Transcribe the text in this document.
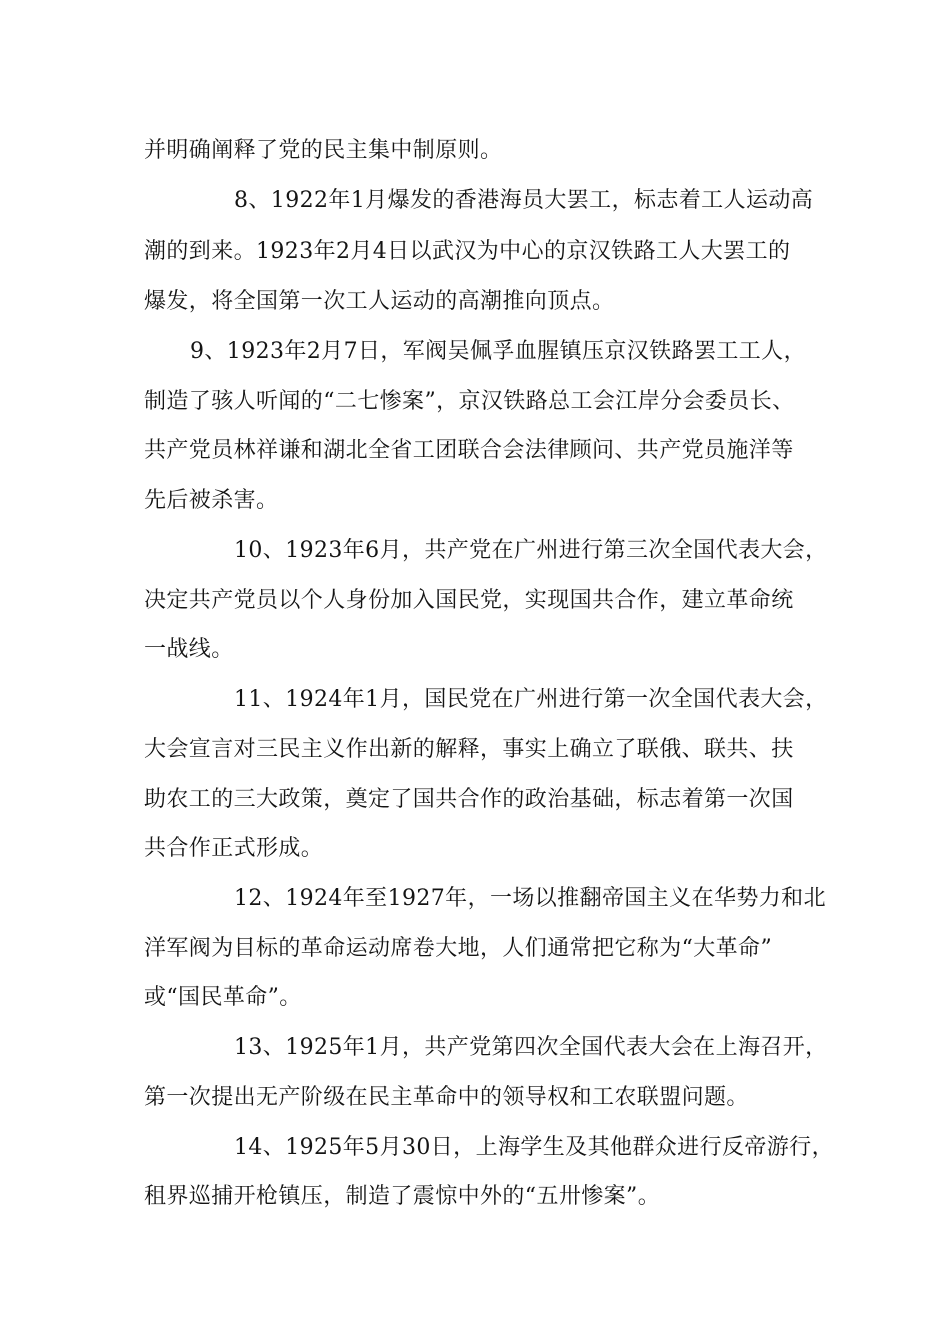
并明确阐释了党的民主集中制原则。
8、1922年1月爆发的香港海员大罢工，标志着工人运动高
潮的到来。1923年2月4日以武汉为中心的京汉铁路工人大罢工的
爆发，将全国第一次工人运动的高潮推向顶点。
9、1923年2月7日，军阀吴佩孚血腥镇压京汉铁路罢工工人，
制造了骇人听闻的“二七惨案”，京汉铁路总工会江岸分会委员长、
共产党员林祥谦和湖北全省工团联合会法律顾问、共产党员施洋等
先后被杀害。
10、1923年6月，共产党在广州进行第三次全国代表大会，
决定共产党员以个人身份加入国民党，实现国共合作，建立革命统
一战线。
11、1924年1月，国民党在广州进行第一次全国代表大会，
大会宣言对三民主义作出新的解释，事实上确立了联俄、联共、扶
助农工的三大政策，奠定了国共合作的政治基础，标志着第一次国
共合作正式形成。
12、1924年至1927年，一场以推翻帝国主义在华势力和北
洋军阀为目标的革命运动席卷大地，人们通常把它称为“大革命”
或“国民革命”。
13、1925年1月，共产党第四次全国代表大会在上海召开，
第一次提出无产阶级在民主革命中的领导权和工农联盟问题。
14、1925年5月30日，上海学生及其他群众进行反帝游行，
租界巡捕开枪镇压，制造了震惊中外的“五卅惨案”。
